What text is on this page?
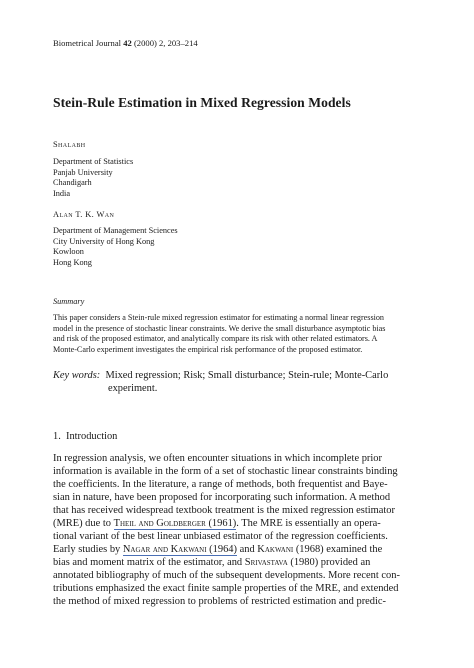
Biometrical Journal 42 (2000) 2, 203–214
Stein-Rule Estimation in Mixed Regression Models
Shalabh
Department of Statistics
Panjab University
Chandigarh
India
Alan T. K. Wan
Department of Management Sciences
City University of Hong Kong
Kowloon
Hong Kong
Summary
This paper considers a Stein-rule mixed regression estimator for estimating a normal linear regression
model in the presence of stochastic linear constraints. We derive the small disturbance asymptotic bias
and risk of the proposed estimator, and analytically compare its risk with other related estimators. A
Monte-Carlo experiment investigates the empirical risk performance of the proposed estimator.
Key words: Mixed regression; Risk; Small disturbance; Stein-rule; Monte-Carlo
experiment.
1. Introduction
In regression analysis, we often encounter situations in which incomplete prior
information is available in the form of a set of stochastic linear constraints binding
the coefficients. In the literature, a range of methods, both frequentist and Baye-
sian in nature, have been proposed for incorporating such information. A method
that has received widespread textbook treatment is the mixed regression estimator
(MRE) due to Theil and Goldberger (1961). The MRE is essentially an opera-
tional variant of the best linear unbiased estimator of the regression coefficients.
Early studies by Nagar and Kakwani (1964) and Kakwani (1968) examined the
bias and moment matrix of the estimator, and Srivastava (1980) provided an
annotated bibliography of much of the subsequent developments. More recent con-
tributions emphasized the exact finite sample properties of the MRE, and extended
the method of mixed regression to problems of restricted estimation and predic-
